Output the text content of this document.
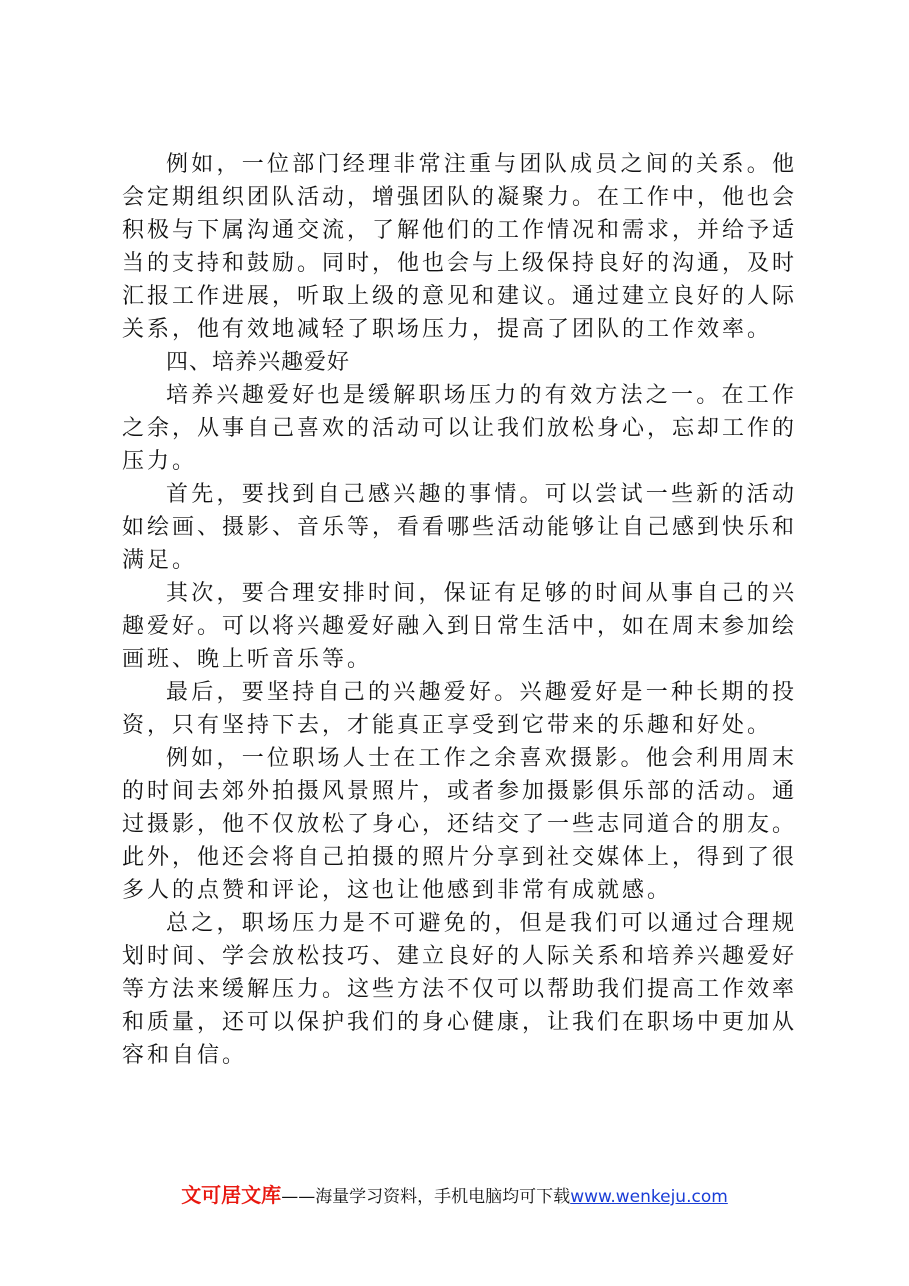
例如，一位部门经理非常注重与团队成员之间的关系。他会定期组织团队活动，增强团队的凝聚力。在工作中，他也会积极与下属沟通交流，了解他们的工作情况和需求，并给予适当的支持和鼓励。同时，他也会与上级保持良好的沟通，及时汇报工作进展，听取上级的意见和建议。通过建立良好的人际关系，他有效地减轻了职场压力，提高了团队的工作效率。

四、培养兴趣爱好

培养兴趣爱好也是缓解职场压力的有效方法之一。在工作之余，从事自己喜欢的活动可以让我们放松身心，忘却工作的压力。

首先，要找到自己感兴趣的事情。可以尝试一些新的活动如绘画、摄影、音乐等，看看哪些活动能够让自己感到快乐和满足。

其次，要合理安排时间，保证有足够的时间从事自己的兴趣爱好。可以将兴趣爱好融入到日常生活中，如在周末参加绘画班、晚上听音乐等。

最后，要坚持自己的兴趣爱好。兴趣爱好是一种长期的投资，只有坚持下去，才能真正享受到它带来的乐趣和好处。

例如，一位职场人士在工作之余喜欢摄影。他会利用周末的时间去郊外拍摄风景照片，或者参加摄影俱乐部的活动。通过摄影，他不仅放松了身心，还结交了一些志同道合的朋友。此外，他还会将自己拍摄的照片分享到社交媒体上，得到了很多人的点赞和评论，这也让他感到非常有成就感。

总之，职场压力是不可避免的，但是我们可以通过合理规划时间、学会放松技巧、建立良好的人际关系和培养兴趣爱好等方法来缓解压力。这些方法不仅可以帮助我们提高工作效率和质量，还可以保护我们的身心健康，让我们在职场中更加从容和自信。

文可居文库——海量学习资料，手机电脑均可下载www.wenkeju.com
